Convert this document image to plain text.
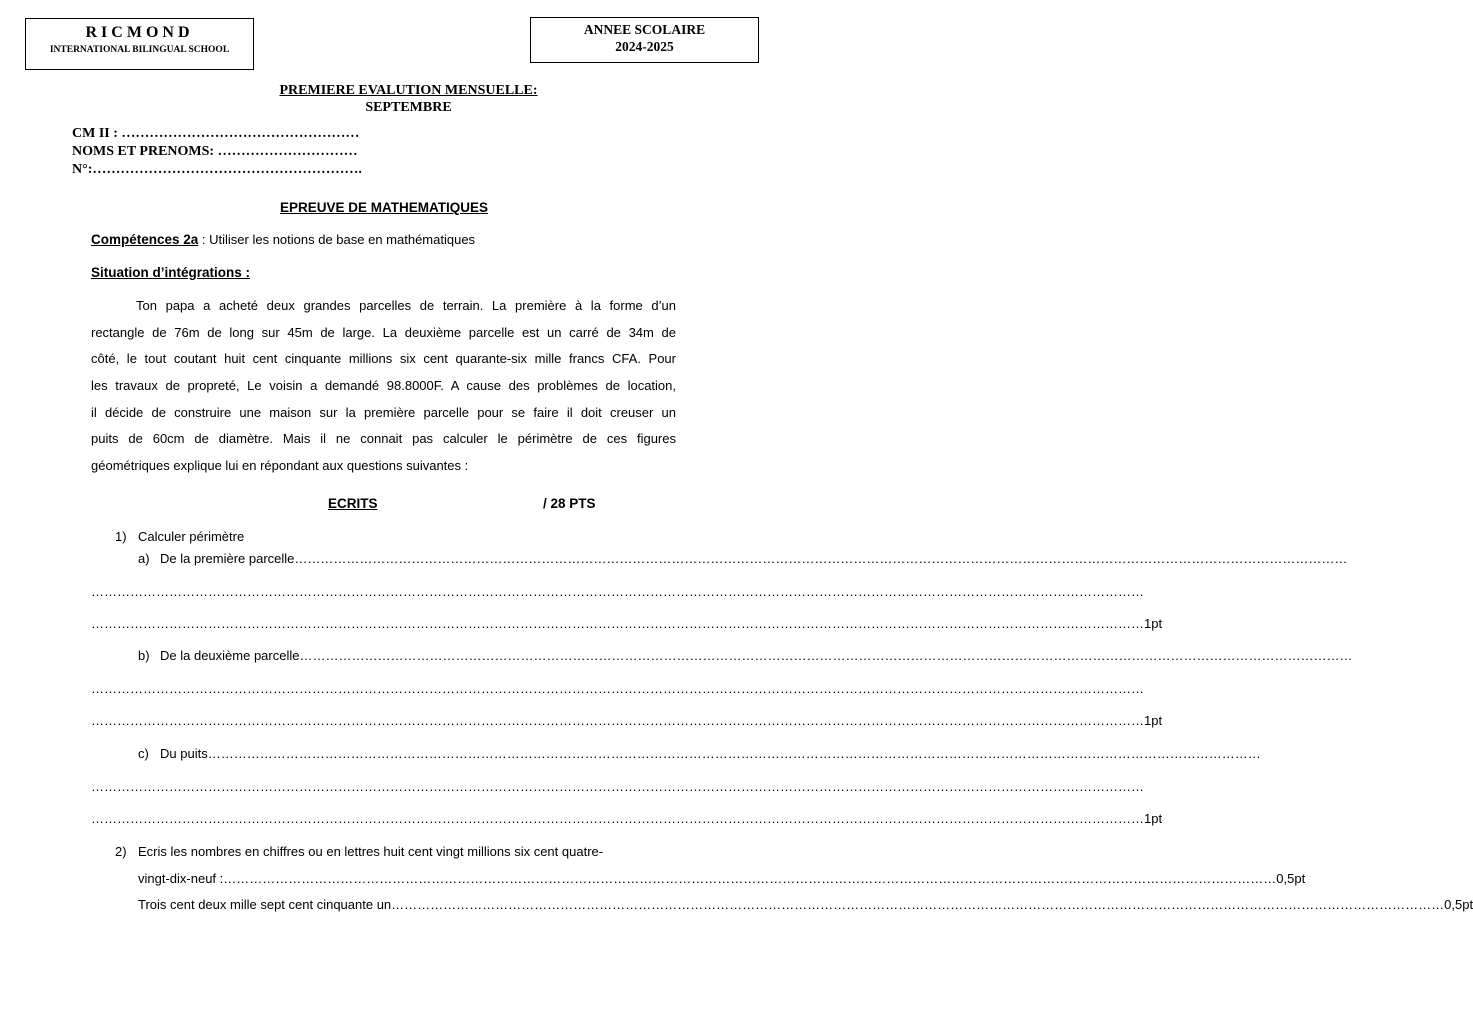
RICMOND
INTERNATIONAL BILINGUAL SCHOOL
ANNEE SCOLAIRE
2024-2025
PREMIERE EVALUTION MENSUELLE:
SEPTEMBRE
CM II : ……………………………………………
NOMS ET PRENOMS: …………………………
N°:………………………………………………….
EPREUVE DE MATHEMATIQUES
Compétences 2a : Utiliser les notions de base en mathématiques
Situation d’intégrations :
Ton papa a acheté deux grandes parcelles de terrain. La première à la forme d’un
rectangle de 76m de long sur 45m de large. La deuxième parcelle est un carré de 34m de
côté, le tout coutant huit cent cinquante millions six cent quarante-six mille francs CFA. Pour
les travaux de propreté, Le voisin a demandé 98.8000F. A cause des problèmes de location,
il décide de construire une maison sur la première parcelle pour se faire il doit creuser un
puits de 60cm de diamètre. Mais il ne connait pas calculer le périmètre de ces figures
géométriques explique lui en répondant aux questions suivantes :
ECRITS	/ 28 PTS
1) Calculer périmètre
a) De la première parcelle ………………………………………………………………………………………………………………………………………………………………………………………………………………………
………………………………………………………………………………………………………………………………………………………………………………………………………………………
……………………………………………………………………………………………………………………………………………………………………………………………………………………… 1pt
b) De la deuxième parcelle ………………………………………………………………………………………………………………………………………………………………………………………………………………………
………………………………………………………………………………………………………………………………………………………………………………………………………………………
……………………………………………………………………………………………………………………………………………………………………………………………………………………… 1pt
c) Du puits ………………………………………………………………………………………………………………………………………………………………………………………………………………………
………………………………………………………………………………………………………………………………………………………………………………………………………………………
……………………………………………………………………………………………………………………………………………………………………………………………………………………… 1pt
2) Ecris les nombres en chiffres ou en lettres huit cent vingt millions six cent quatre-
vingt-dix-neuf : ……………………………………………………………………………………………………………………………………………………………………………………………………………………… 0,5pt
Trois cent deux mille sept cent cinquante un ……………………………………………………………………………………………………………………………………………………………………………………………………………………… 0,5pt
